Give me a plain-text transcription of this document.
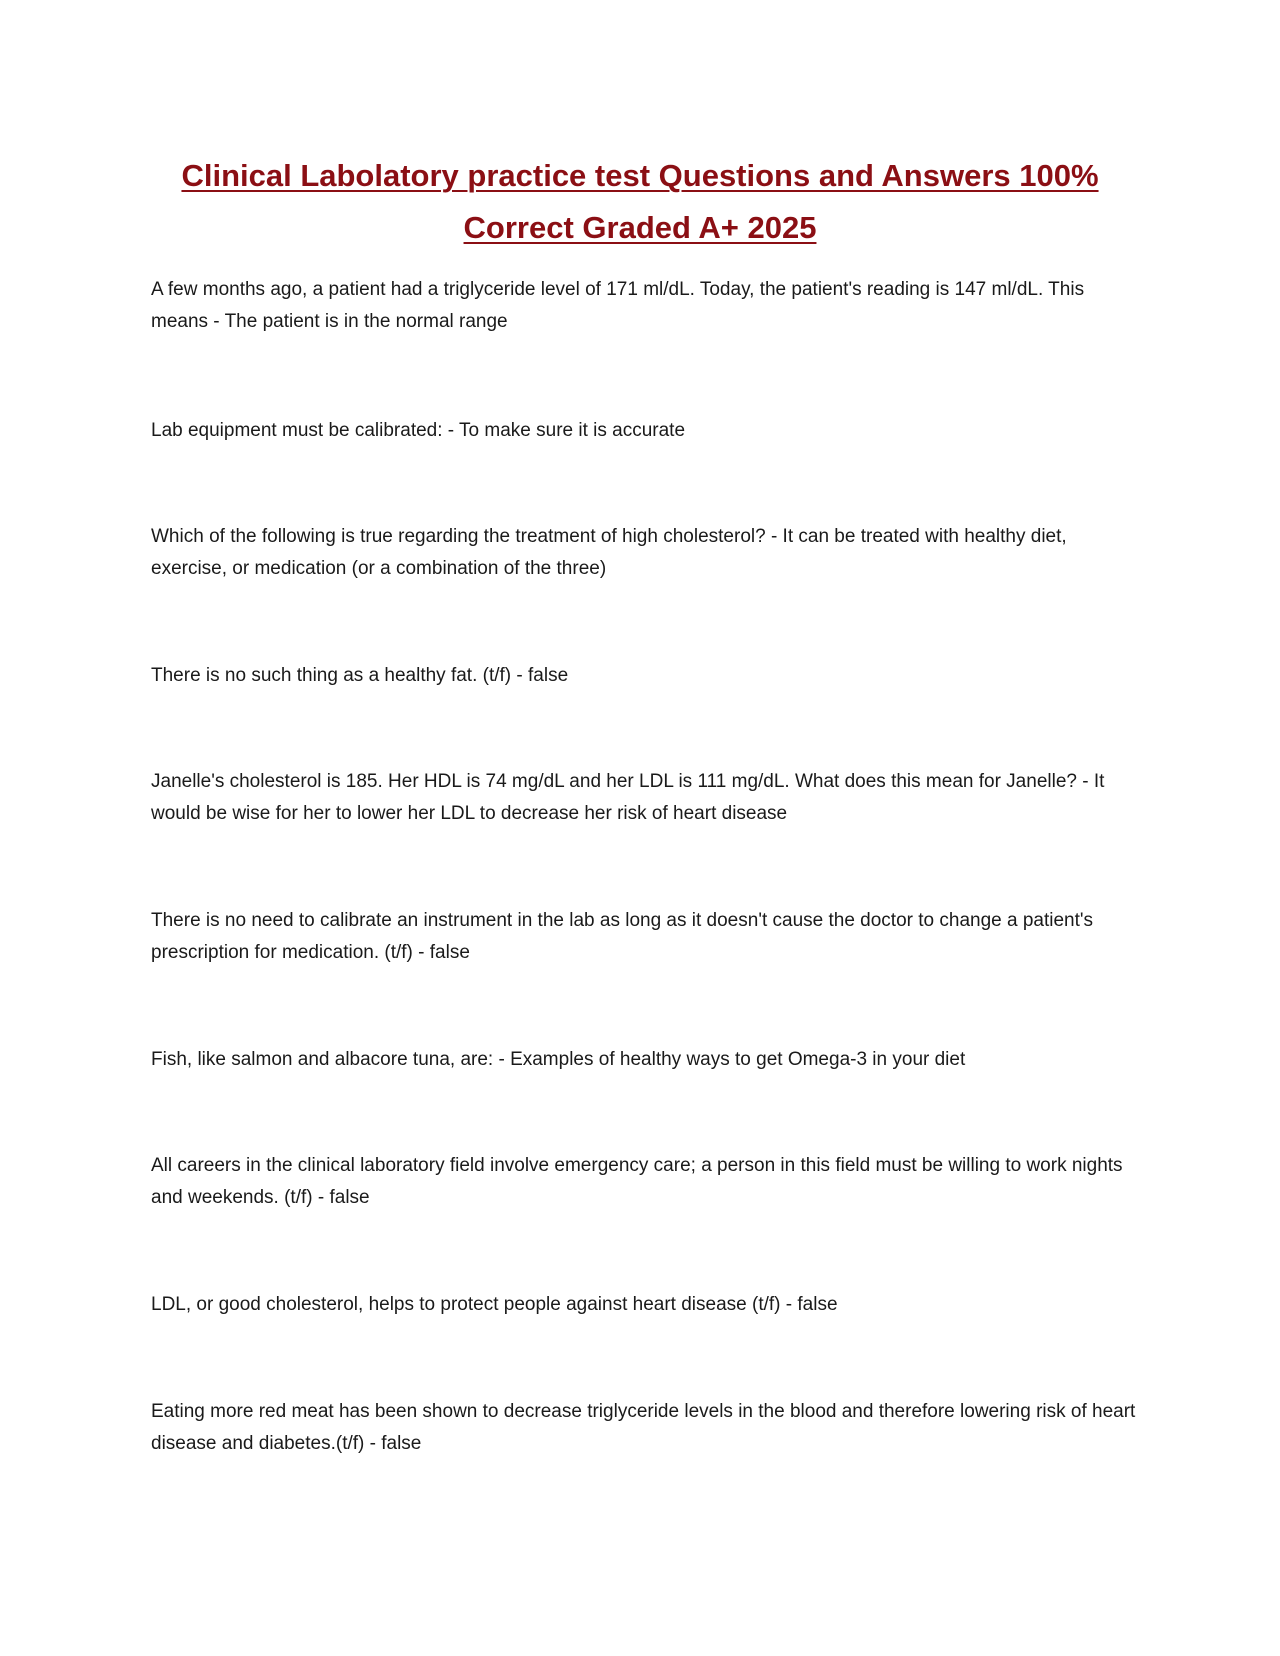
Clinical Labolatory practice test Questions and Answers 100% Correct Graded A+ 2025

A few months ago, a patient had a triglyceride level of 171 ml/dL. Today, the patient's reading is 147 ml/dL. This means - The patient is in the normal range

Lab equipment must be calibrated: - To make sure it is accurate

Which of the following is true regarding the treatment of high cholesterol? - It can be treated with healthy diet, exercise, or medication (or a combination of the three)

There is no such thing as a healthy fat. (t/f) - false

Janelle's cholesterol is 185. Her HDL is 74 mg/dL and her LDL is 111 mg/dL. What does this mean for Janelle? - It would be wise for her to lower her LDL to decrease her risk of heart disease

There is no need to calibrate an instrument in the lab as long as it doesn't cause the doctor to change a patient's prescription for medication. (t/f) - false

Fish, like salmon and albacore tuna, are: - Examples of healthy ways to get Omega-3 in your diet

All careers in the clinical laboratory field involve emergency care; a person in this field must be willing to work nights and weekends. (t/f) - false

LDL, or good cholesterol, helps to protect people against heart disease (t/f) - false

Eating more red meat has been shown to decrease triglyceride levels in the blood and therefore lowering risk of heart disease and diabetes.(t/f) - false
